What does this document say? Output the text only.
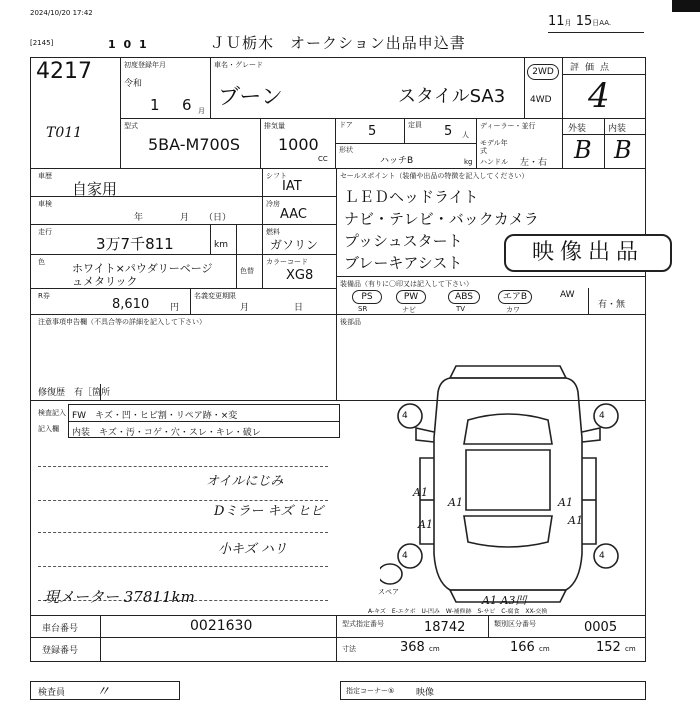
2024/10/20 17:42
[2145]	1 0 1	ＪＵ栃木　オークション出品申込書
11月 15日AA.
4217
T011
初度登録年月
令和
1 6 月
車名・グレード
ブーン	スタイルSA3
2WD
4WD
評価点
4
型式
5BA-M700S
排気量
1000
CC
ドア 5	定員 5 人
形状
ハッチB	kg
ディーラー・並行
モデル年式
ハンドル 左・右
外装 内装
B B
車歴
自家用
車検
年	月 （日）
走行
3万7千811	km
色 ホワイト×パウダリーベージュメタリック
色替
R券
8,610 円
名義変更期限
月	日
シフト
IAT
冷房
AAC
燃料
ガソリン
カラーコード
XG8
セールスポイント（装備や出品の特徴を記入してください）
ＬＥＤヘッドライト
ナビ・テレビ・バックカメラ
プッシュスタート
ブレーキアシスト	映像出品
装備品（有りに〇印又は記入して下さい）
PS	PW	ABS	エアB	AW
SR	ナビ	TV	カワ	有・無
後部品
注意事項申告欄（不具合等の詳細を記入して下さい）
修復歴　 有［箇所
検査記入
記入欄
FW　キズ・凹・ヒビ割・リペア跡・×変
内装　キズ・汚・コゲ・穴・スレ・キレ・破レ
オイルにじみ
Dミラー キズ ヒビ
小キズ ハリ
現メーター 37811km
4	4
4	4
A1	A1
A1
A1
A1
A1 A3凹
スペア
A-キズ　E-エクボ　U-凹み　W-補修跡　S-サビ　C-腐食　XX-交換
車台番号	0021630
登録番号
型式指定番号	18742	類別区分番号	0005
寸法	368 cm	166 cm	152 cm
検査員 〃	指定コーナー⑤ 映像
